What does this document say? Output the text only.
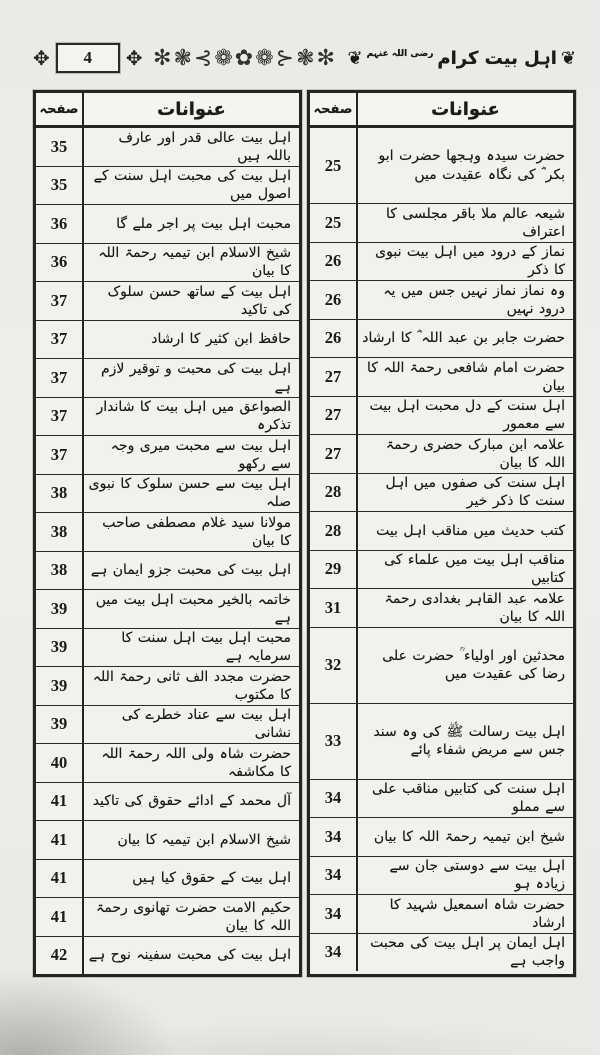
❦
اہل بیت کرام
رضی اللہ عنہم
❦
✻❃⊰❁✿❁⊱❃✻
✥	4	✥
صفحہ	عنوانات
35	اہل بیت عالی قدر اور عارف باللہ ہیں
35	اہل بیت کی محبت اہل سنت کے اصول میں
36	محبت اہل بیت پر اجر ملے گا
36	شیخ الاسلام ابن تیمیہ رحمۃ اللہ کا بیان
37	اہل بیت کے ساتھ حسن سلوک کی تاکید
37	حافظ ابن کثیر کا ارشاد
37	اہل بیت کی محبت و توقیر لازم ہے
37	الصواعق میں اہل بیت کا شاندار تذکرہ
37	اہل بیت سے محبت میری وجہ سے رکھو
38	اہل بیت سے حسن سلوک کا نبوی صلہ
38	مولانا سید غلام مصطفی صاحب کا بیان
38	اہل بیت کی محبت جزو ایمان ہے
39	خاتمہ بالخیر محبت اہل بیت میں ہے
39	محبت اہل بیت اہل سنت کا سرمایہ ہے
39	حضرت مجدد الف ثانی رحمۃ اللہ کا مکتوب
39	اہل بیت سے عناد خطرے کی نشانی
40	حضرت شاہ ولی اللہ رحمۃ اللہ کا مکاشفہ
41	آل محمد کے ادائے حقوق کی تاکید
41	شیخ الاسلام ابن تیمیہ کا بیان
41	اہل بیت کے حقوق کیا ہیں
41	حکیم الامت حضرت تھانوی رحمۃ اللہ کا بیان
42	اہل بیت کی محبت سفینہ نوح ہے
صفحہ	عنوانات
25	حضرت سیدہ وہجھا حضرت ابو بکر ؓ کی نگاہ عقیدت میں
25	شیعہ عالم ملا باقر مجلسی کا اعتراف
26	نماز کے درود میں اہل بیت نبوی کا ذکر
26	وہ نماز نماز نہیں جس میں یہ درود نہیں
26	حضرت جابر بن عبد اللہ ؓ کا ارشاد
27	حضرت امام شافعی رحمۃ اللہ کا بیان
27	اہل سنت کے دل محبت اہل بیت سے معمور
27	علامہ ابن مبارک حضری رحمۃ اللہ کا بیان
28	اہل سنت کی صفوں میں اہل سنت کا ذکر خیر
28	کتب حدیث میں مناقب اہل بیت
29	مناقب اہل بیت میں علماء کی کتابیں
31	علامہ عبد القاہر بغدادی رحمۃ اللہ کا بیان
32	محدثین اور اولیاء ؒ حضرت علی رضا کی عقیدت میں
33	اہل بیت رسالت ﷺ کی وہ سند جس سے مریض شفاء پائے
34	اہل سنت کی کتابیں مناقب علی سے مملو
34	شیخ ابن تیمیہ رحمۃ اللہ کا بیان
34	اہل بیت سے دوستی جان سے زیادہ ہو
34	حضرت شاہ اسمعیل شہید کا ارشاد
34	اہل ایمان پر اہل بیت کی محبت واجب ہے
